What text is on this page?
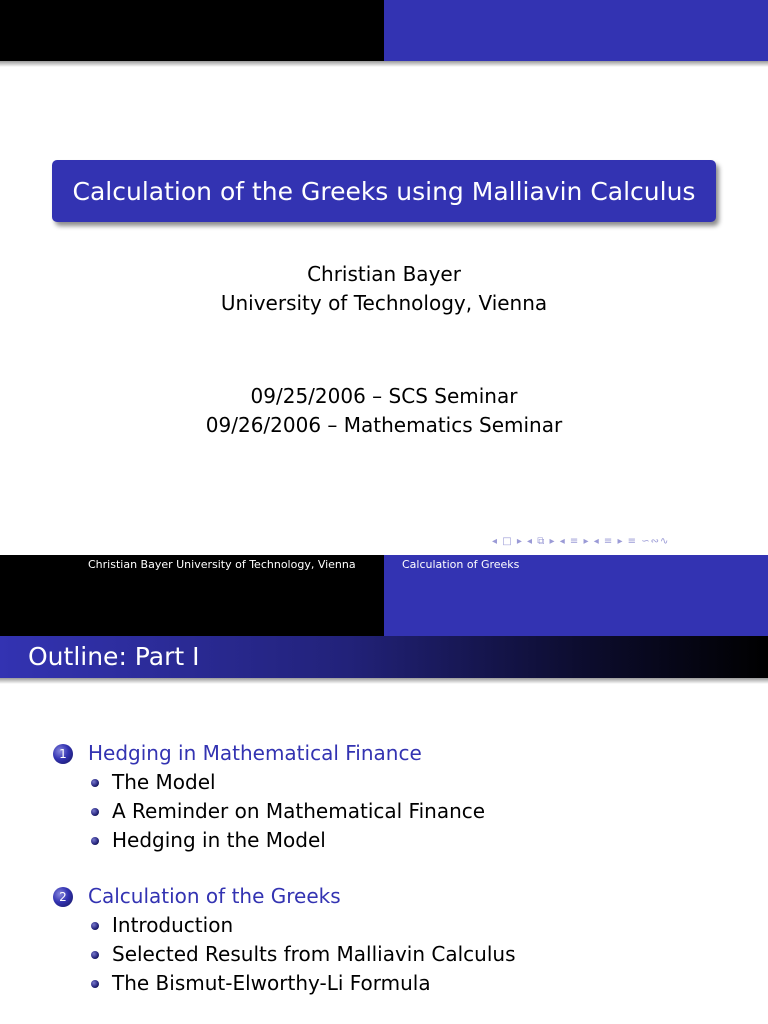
Calculation of the Greeks using Malliavin Calculus
Christian Bayer
University of Technology, Vienna
09/25/2006 – SCS Seminar
09/26/2006 – Mathematics Seminar
◂ □ ▸ ◂ ⧉ ▸ ◂ ≡ ▸ ◂ ≡ ▸ ≡ ∽∾∿
Christian Bayer University of Technology, Vienna	Calculation of Greeks
Outline: Part I
1	Hedging in Mathematical Finance
The Model
A Reminder on Mathematical Finance
Hedging in the Model
2	Calculation of the Greeks
Introduction
Selected Results from Malliavin Calculus
The Bismut-Elworthy-Li Formula
